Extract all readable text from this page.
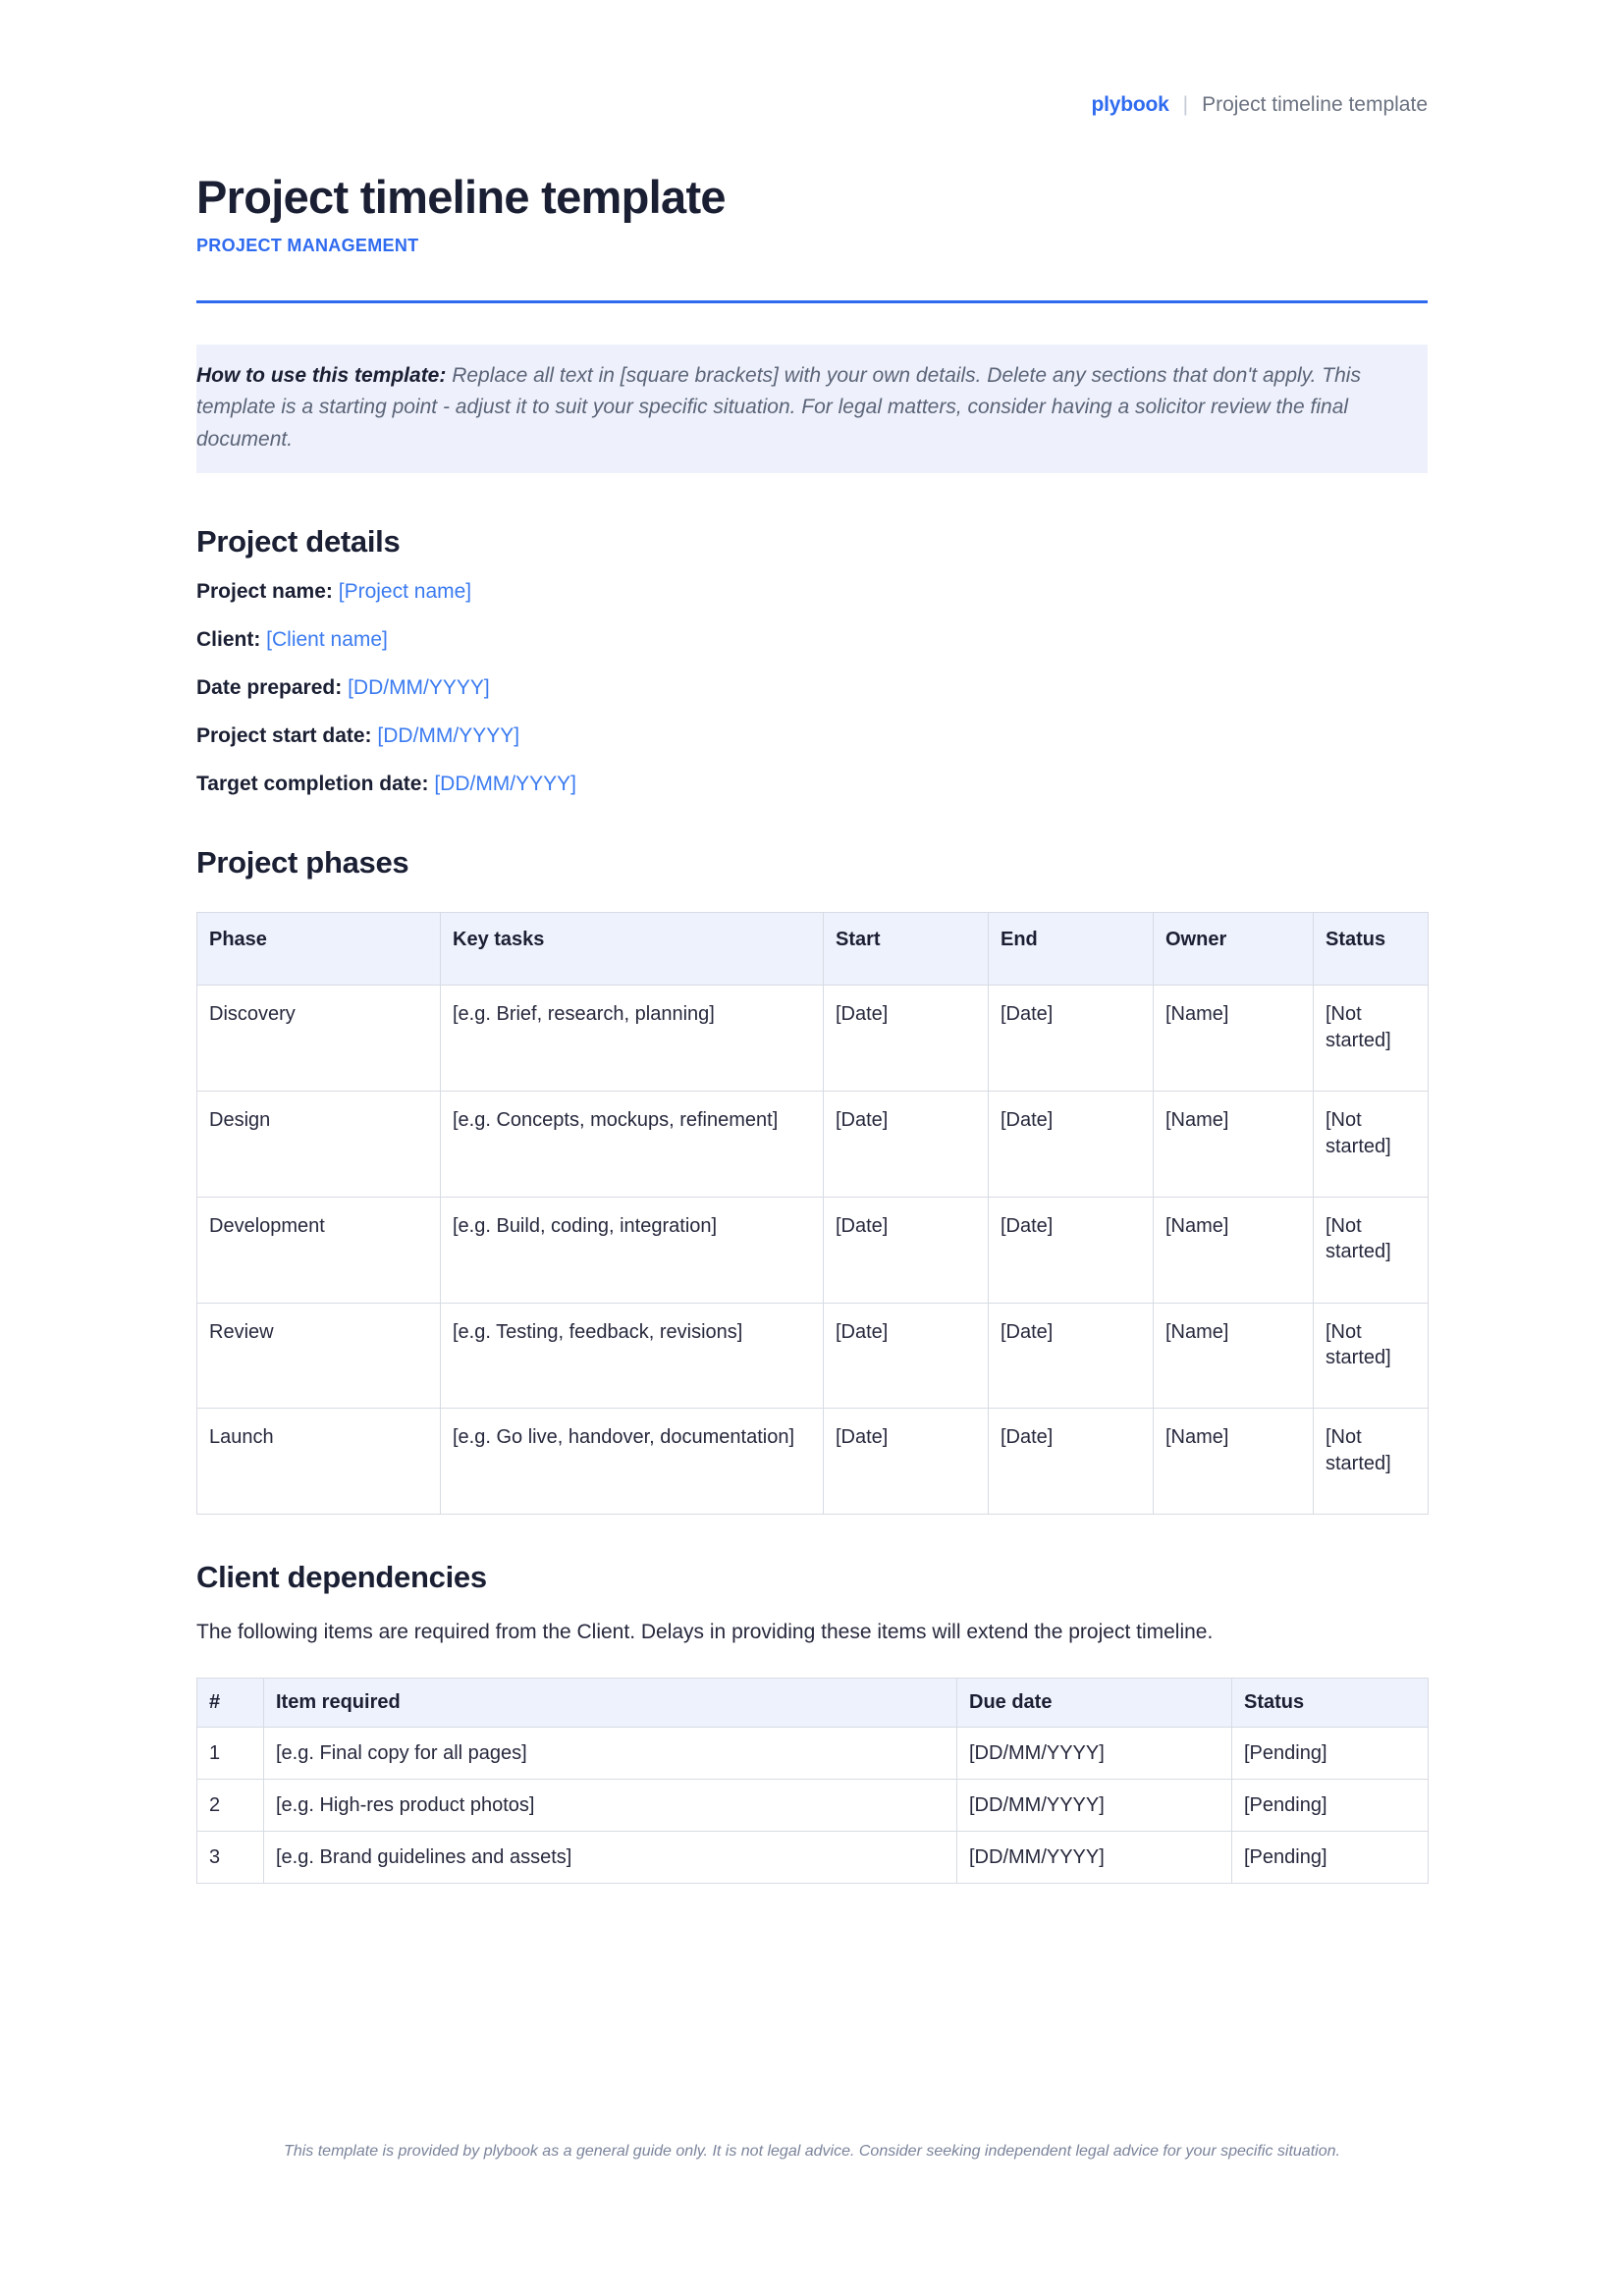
plybook | Project timeline template
Project timeline template
PROJECT MANAGEMENT
How to use this template: Replace all text in [square brackets] with your own details. Delete any sections that don't apply. This template is a starting point - adjust it to suit your specific situation. For legal matters, consider having a solicitor review the final document.
Project details
Project name: [Project name]
Client: [Client name]
Date prepared: [DD/MM/YYYY]
Project start date: [DD/MM/YYYY]
Target completion date: [DD/MM/YYYY]
Project phases
Phase	Key tasks	Start	End	Owner	Status
Discovery	[e.g. Brief, research, planning]	[Date]	[Date]	[Name]	[Not started]
Design	[e.g. Concepts, mockups, refinement]	[Date]	[Date]	[Name]	[Not started]
Development	[e.g. Build, coding, integration]	[Date]	[Date]	[Name]	[Not started]
Review	[e.g. Testing, feedback, revisions]	[Date]	[Date]	[Name]	[Not started]
Launch	[e.g. Go live, handover, documentation]	[Date]	[Date]	[Name]	[Not started]
Client dependencies

The following items are required from the Client. Delays in providing these items will extend the project timeline.

#	Item required	Due date	Status
1	[e.g. Final copy for all pages]	[DD/MM/YYYY]	[Pending]
2	[e.g. High-res product photos]	[DD/MM/YYYY]	[Pending]
3	[e.g. Brand guidelines and assets]	[DD/MM/YYYY]	[Pending]
This template is provided by plybook as a general guide only. It is not legal advice. Consider seeking independent legal advice for your specific situation.
